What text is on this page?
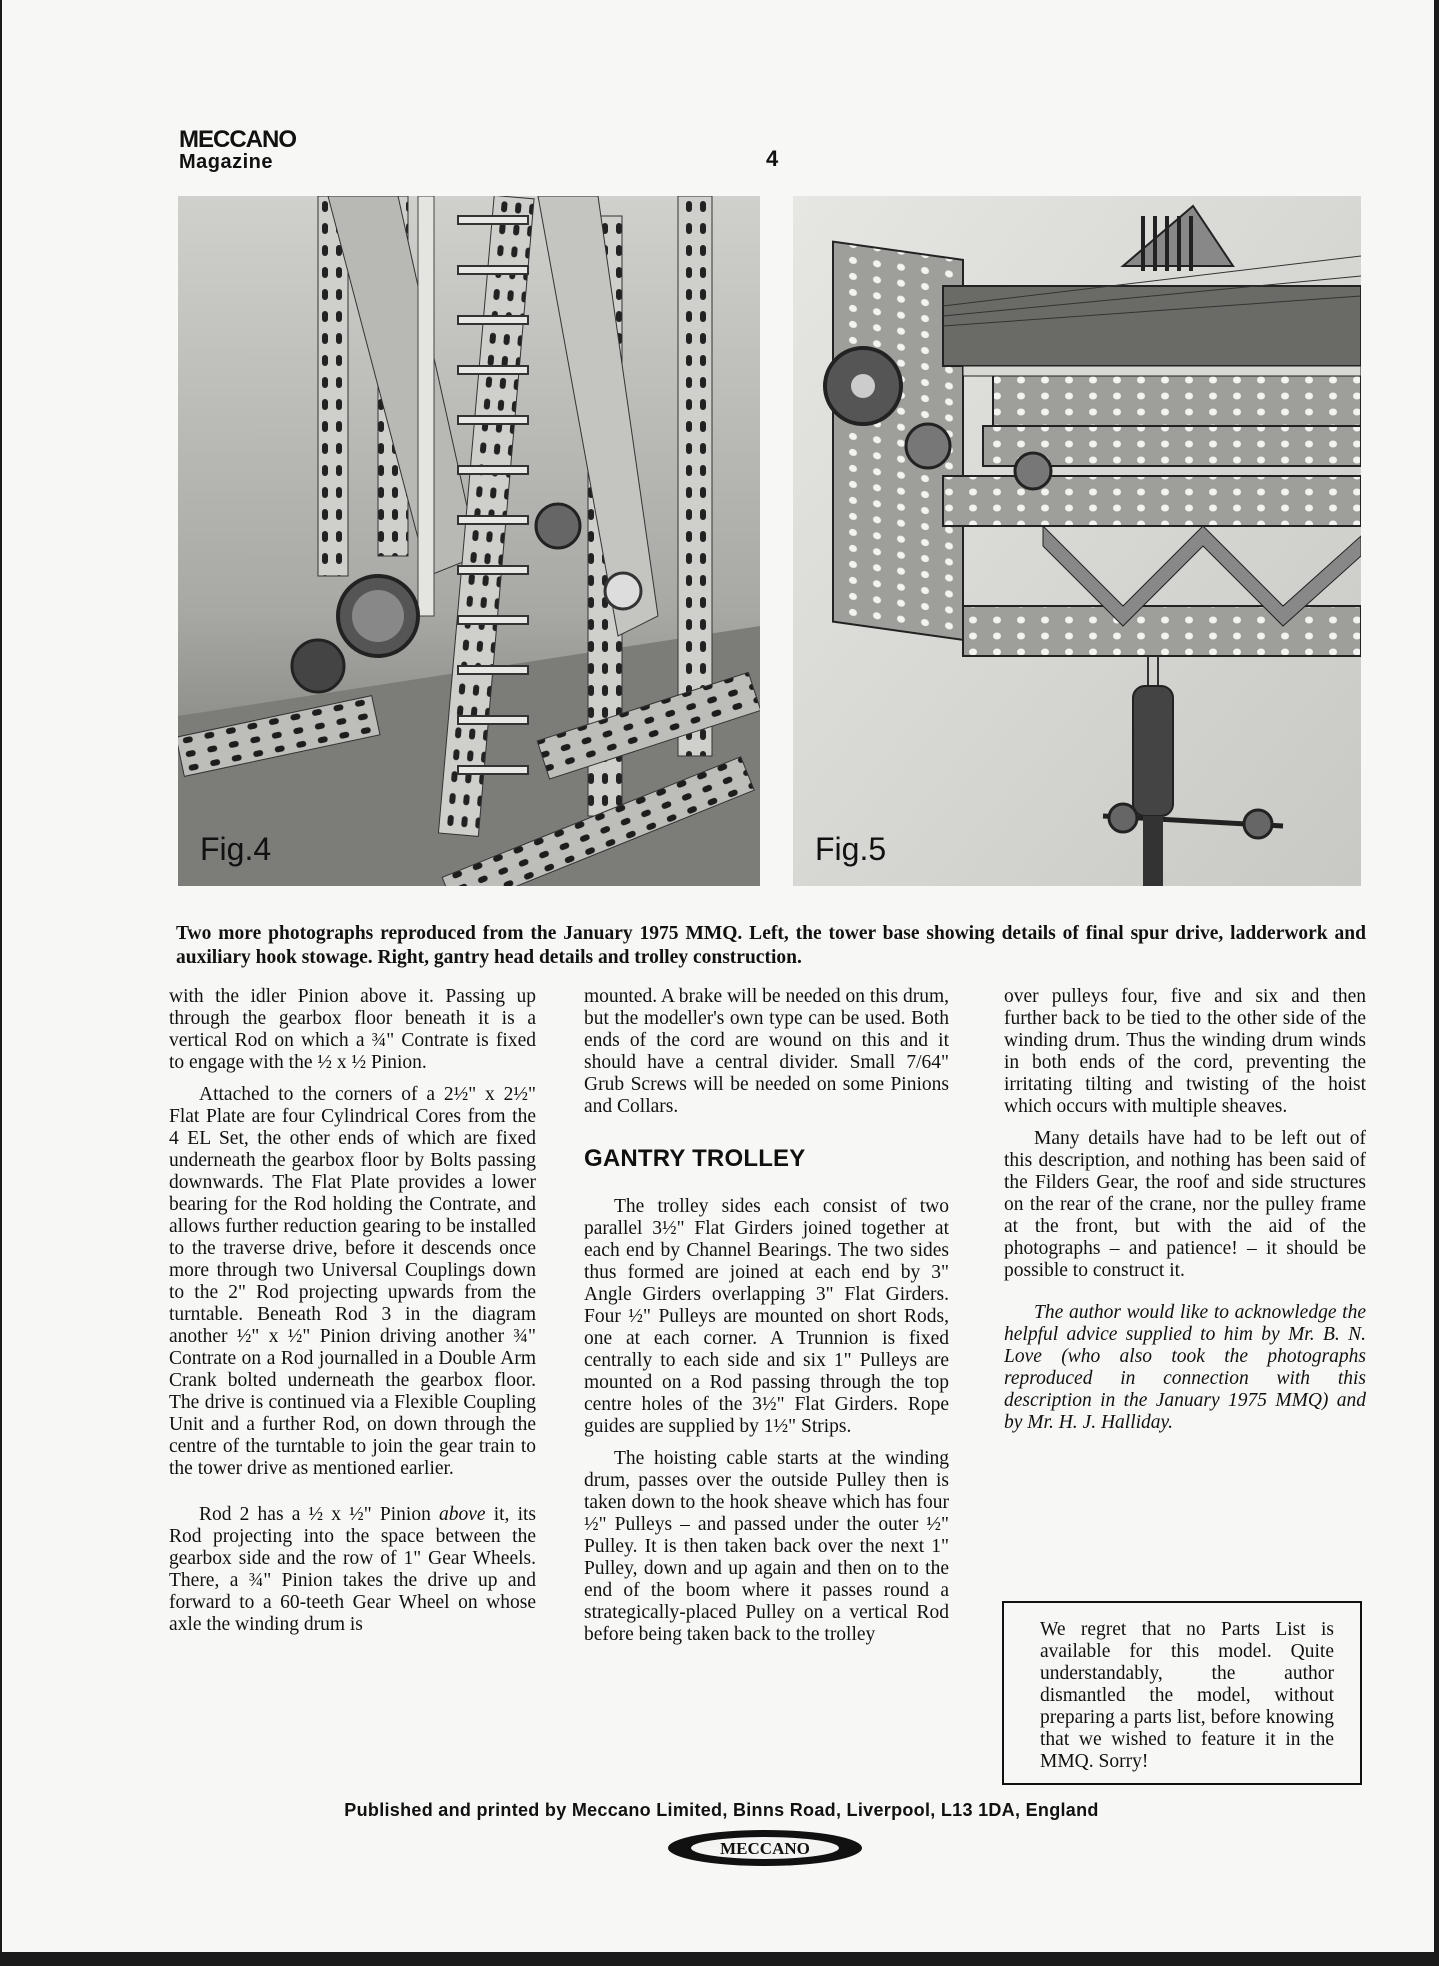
MECCANO
Magazine	4
Fig.4	Fig.5
Two more photographs reproduced from the January 1975 MMQ. Left, the tower base showing details of final spur drive, ladderwork and auxiliary hook stowage. Right, gantry head details and trolley construction.

with the idler Pinion above it. Passing up through the gearbox floor beneath it is a vertical Rod on which a ¾" Contrate is fixed to engage with the ½ x ½ Pinion.

Attached to the corners of a 2½" x 2½" Flat Plate are four Cylindrical Cores from the 4 EL Set, the other ends of which are fixed underneath the gearbox floor by Bolts passing downwards. The Flat Plate provides a lower bearing for the Rod holding the Contrate, and allows further reduction gearing to be installed to the traverse drive, before it descends once more through two Universal Couplings down to the 2" Rod projecting upwards from the turntable. Beneath Rod 3 in the diagram another ½" x ½" Pinion driving another ¾" Contrate on a Rod journalled in a Double Arm Crank bolted underneath the gearbox floor. The drive is continued via a Flexible Coupling Unit and a further Rod, on down through the centre of the turntable to join the gear train to the tower drive as mentioned earlier.

Rod 2 has a ½ x ½" Pinion above it, its Rod projecting into the space between the gearbox side and the row of 1" Gear Wheels. There, a ¾" Pinion takes the drive up and forward to a 60-teeth Gear Wheel on whose axle the winding drum is

mounted. A brake will be needed on this drum, but the modeller's own type can be used. Both ends of the cord are wound on this and it should have a central divider. Small 7/64" Grub Screws will be needed on some Pinions and Collars.

GANTRY TROLLEY

The trolley sides each consist of two parallel 3½" Flat Girders joined together at each end by Channel Bearings. The two sides thus formed are joined at each end by 3" Angle Girders overlapping 3" Flat Girders. Four ½" Pulleys are mounted on short Rods, one at each corner. A Trunnion is fixed centrally to each side and six 1" Pulleys are mounted on a Rod passing through the top centre holes of the 3½" Flat Girders. Rope guides are supplied by 1½" Strips.

The hoisting cable starts at the winding drum, passes over the outside Pulley then is taken down to the hook sheave which has four ½" Pulleys – and passed under the outer ½" Pulley. It is then taken back over the next 1" Pulley, down and up again and then on to the end of the boom where it passes round a strategically-placed Pulley on a vertical Rod before being taken back to the trolley

over pulleys four, five and six and then further back to be tied to the other side of the winding drum. Thus the winding drum winds in both ends of the cord, preventing the irritating tilting and twisting of the hoist which occurs with multiple sheaves.

Many details have had to be left out of this description, and nothing has been said of the Filders Gear, the roof and side structures on the rear of the crane, nor the pulley frame at the front, but with the aid of the photographs – and patience! – it should be possible to construct it.

The author would like to acknowledge the helpful advice supplied to him by Mr. B. N. Love (who also took the photographs reproduced in connection with this description in the January 1975 MMQ) and by Mr. H. J. Halliday.

We regret that no Parts List is available for this model. Quite understandably, the author dismantled the model, without preparing a parts list, before knowing that we wished to feature it in the MMQ. Sorry!
Published and printed by Meccano Limited, Binns Road, Liverpool, L13 1DA, England
MECCANO
